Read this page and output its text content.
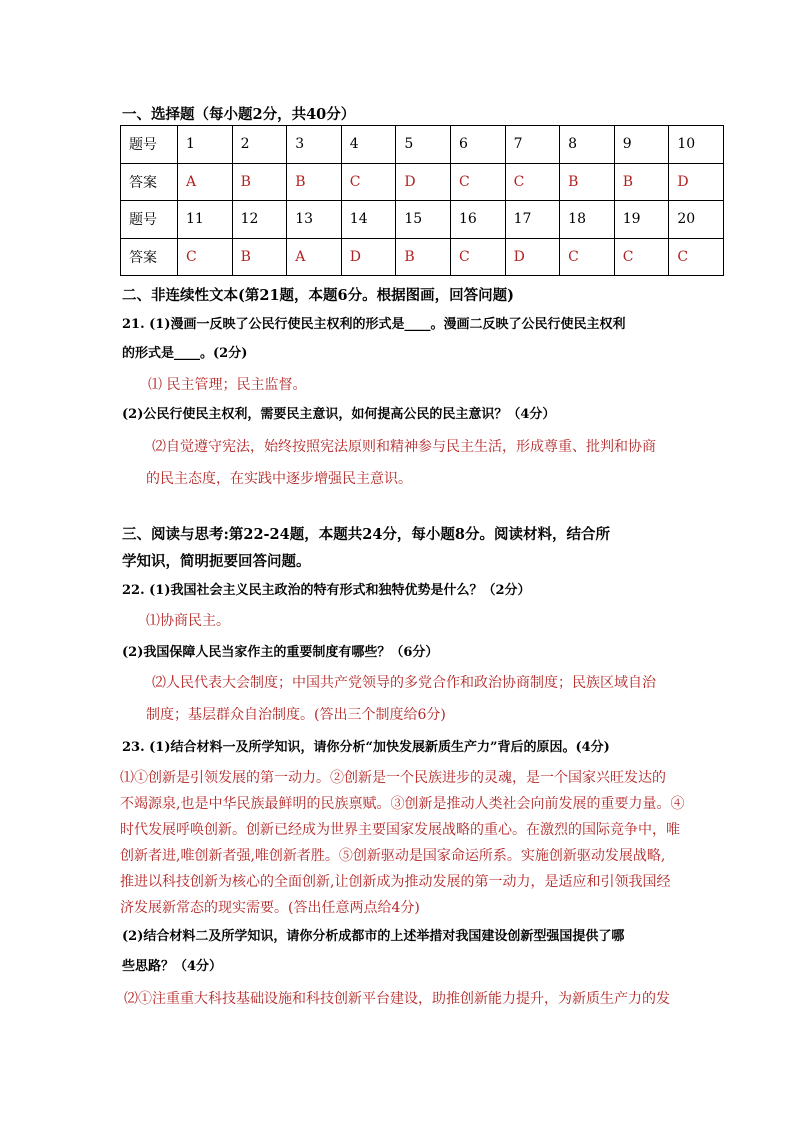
一、选择题（每小题2分，共40分）
题号	1	2	3	4	5	6	7	8	9	10
答案	A	B	B	C	D	C	C	B	B	D
题号	11	12	13	14	15	16	17	18	19	20
答案	C	B	A	D	B	C	D	C	C	C
二、非连续性文本(第21题，本题6分。根据图画，回答问题)
21. (1)漫画一反映了公民行使民主权利的形式是____。漫画二反映了公民行使民主权利
的形式是____。(2分)
⑴ 民主管理；民主监督。
(2)公民行使民主权利，需要民主意识，如何提高公民的民主意识？（4分）
⑵自觉遵守宪法，始终按照宪法原则和精神参与民主生活，形成尊重、批判和协商
的民主态度，在实践中逐步增强民主意识。
三、阅读与思考:第22-24题，本题共24分，每小题8分。阅读材料，结合所
学知识，简明扼要回答问题。
22. (1)我国社会主义民主政治的特有形式和独特优势是什么？（2分）
⑴协商民主。
(2)我国保障人民当家作主的重要制度有哪些？（6分）
⑵人民代表大会制度；中国共产党领导的多党合作和政治协商制度；民族区域自治
制度；基层群众自治制度。(答出三个制度给6分)
23. (1)结合材料一及所学知识，请你分析“加快发展新质生产力”背后的原因。(4分)
⑴①创新是引领发展的第一动力。②创新是一个民族进步的灵魂，是一个国家兴旺发达的
不竭源泉,也是中华民族最鲜明的民族禀赋。③创新是推动人类社会向前发展的重要力量。④
时代发展呼唤创新。创新已经成为世界主要国家发展战略的重心。在激烈的国际竞争中，唯
创新者进,唯创新者强,唯创新者胜。⑤创新驱动是国家命运所系。实施创新驱动发展战略,
推进以科技创新为核心的全面创新,让创新成为推动发展的第一动力，是适应和引领我国经
济发展新常态的现实需要。(答出任意两点给4分)
(2)结合材料二及所学知识，请你分析成都市的上述举措对我国建设创新型强国提供了哪
些思路？（4分）
⑵①注重重大科技基础设施和科技创新平台建设，助推创新能力提升，为新质生产力的发
